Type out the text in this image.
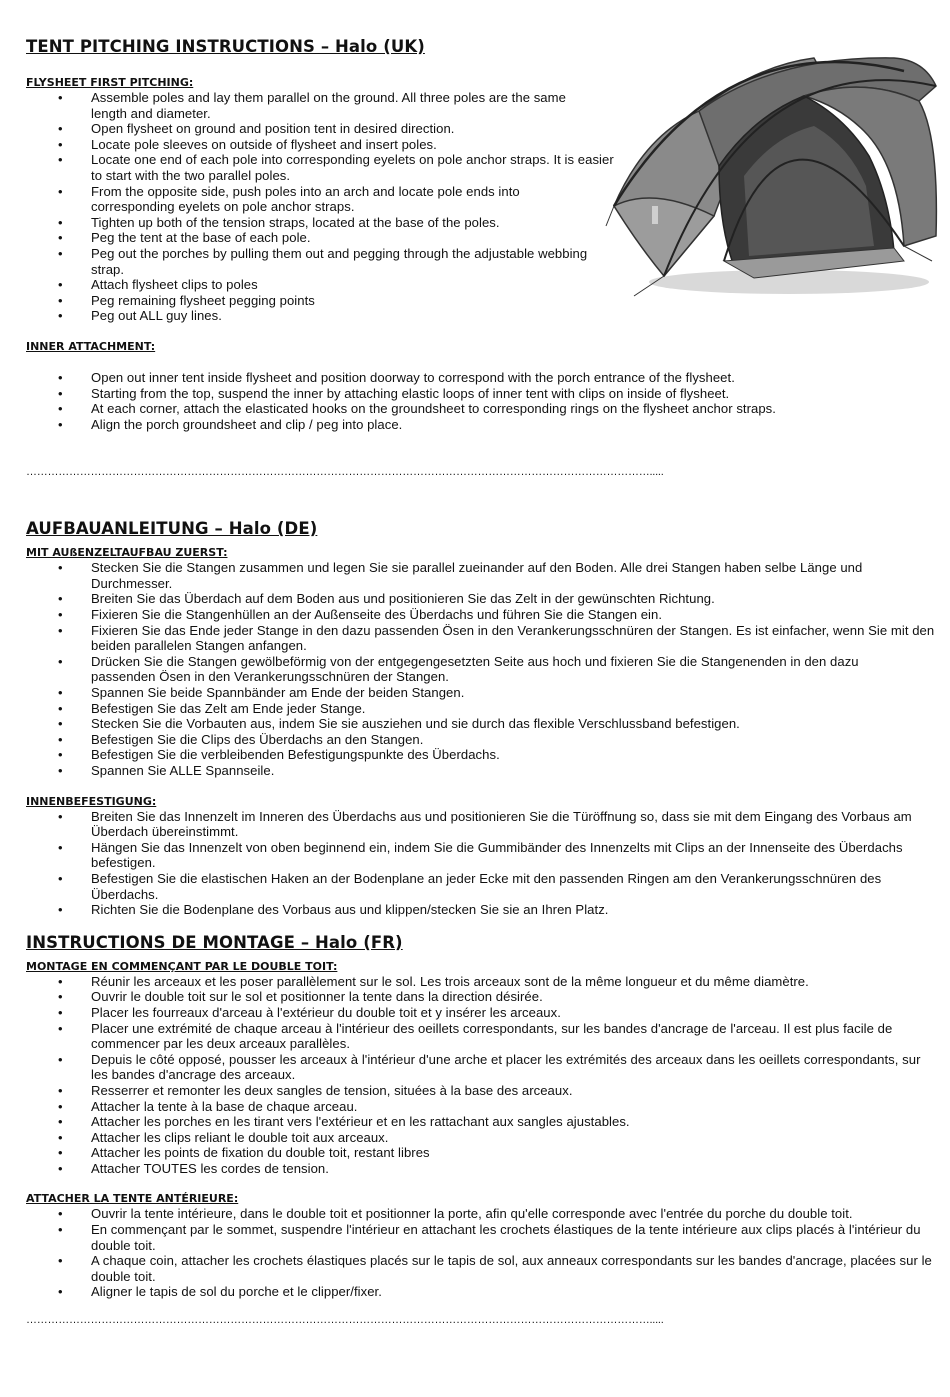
TENT PITCHING INSTRUCTIONS – Halo (UK)
FLYSHEET FIRST PITCHING:
• Assemble poles and lay them parallel on the ground. All three poles are the same length and diameter.
• Open flysheet on ground and position tent in desired direction.
• Locate pole sleeves on outside of flysheet and insert poles.
• Locate one end of each pole into corresponding eyelets on pole anchor straps. It is easier to start with the two parallel poles.
• From the opposite side, push poles into an arch and locate pole ends into corresponding eyelets on pole anchor straps.
• Tighten up both of the tension straps, located at the base of the poles.
• Peg the tent at the base of each pole.
• Peg out the porches by pulling them out and pegging through the adjustable webbing strap.
• Attach flysheet clips to poles
• Peg remaining flysheet pegging points
• Peg out ALL guy lines.
INNER ATTACHMENT:
• Open out inner tent inside flysheet and position doorway to correspond with the porch entrance of the flysheet.
• Starting from the top, suspend the inner by attaching elastic loops of inner tent with clips on inside of flysheet.
• At each corner, attach the elasticated hooks on the groundsheet to corresponding rings on the flysheet anchor straps.
• Align the porch groundsheet and clip / peg into place.
………………………………………………………………………………………………………………………………………………………….....
AUFBAUANLEITUNG – Halo (DE)
MIT AUßENZELTAUFBAU ZUERST:
• Stecken Sie die Stangen zusammen und legen Sie sie parallel zueinander auf den Boden. Alle drei Stangen haben selbe Länge und Durchmesser.
• Breiten Sie das Überdach auf dem Boden aus und positionieren Sie das Zelt in der gewünschten Richtung.
• Fixieren Sie die Stangenhüllen an der Außenseite des Überdachs und führen Sie die Stangen ein.
• Fixieren Sie das Ende jeder Stange in den dazu passenden Ösen in den Verankerungsschnüren der Stangen. Es ist einfacher, wenn Sie mit den beiden parallelen Stangen anfangen.
• Drücken Sie die Stangen gewölbeförmig von der entgegengesetzten Seite aus hoch und fixieren Sie die Stangenenden in den dazu passenden Ösen in den Verankerungsschnüren der Stangen.
• Spannen Sie beide Spannbänder am Ende der beiden Stangen.
• Befestigen Sie das Zelt am Ende jeder Stange.
• Stecken Sie die Vorbauten aus, indem Sie sie ausziehen und sie durch das flexible Verschlussband befestigen.
• Befestigen Sie die Clips des Überdachs an den Stangen.
• Befestigen Sie die verbleibenden Befestigungspunkte des Überdachs.
• Spannen Sie ALLE Spannseile.
INNENBEFESTIGUNG:
• Breiten Sie das Innenzelt im Inneren des Überdachs aus und positionieren Sie die Türöffnung so, dass sie mit dem Eingang des Vorbaus am Überdach übereinstimmt.
• Hängen Sie das Innenzelt von oben beginnend ein, indem Sie die Gummibänder des Innenzelts mit Clips an der Innenseite des Überdachs befestigen.
• Befestigen Sie die elastischen Haken an der Bodenplane an jeder Ecke mit den passenden Ringen am den Verankerungsschnüren des Überdachs.
• Richten Sie die Bodenplane des Vorbaus aus und klippen/stecken Sie sie an Ihren Platz.
INSTRUCTIONS DE MONTAGE – Halo (FR)
MONTAGE EN COMMENÇANT PAR LE DOUBLE TOIT:
• Réunir les arceaux et les poser parallèlement sur le sol. Les trois arceaux sont de la même longueur et du même diamètre.
• Ouvrir le double toit sur le sol et positionner la tente dans la direction désirée.
• Placer les fourreaux d'arceau à l'extérieur du double toit et y insérer les arceaux.
• Placer une extrémité de chaque arceau à l'intérieur des oeillets correspondants, sur les bandes d'ancrage de l'arceau. Il est plus facile de commencer par les deux arceaux parallèles.
• Depuis le côté opposé, pousser les arceaux à l'intérieur d'une arche et placer les extrémités des arceaux dans les oeillets correspondants, sur les bandes d'ancrage des arceaux.
• Resserrer et remonter les deux sangles de tension, situées à la base des arceaux.
• Attacher la tente à la base de chaque arceau.
• Attacher les porches en les tirant vers l'extérieur et en les rattachant aux sangles ajustables.
• Attacher les clips reliant le double toit aux arceaux.
• Attacher les points de fixation du double toit, restant libres
• Attacher TOUTES les cordes de tension.
ATTACHER LA TENTE ANTÉRIEURE:
• Ouvrir la tente intérieure, dans le double toit et positionner la porte, afin qu'elle corresponde avec l'entrée du porche du double toit.
• En commençant par le sommet, suspendre l'intérieur en attachant les crochets élastiques de la tente intérieure aux clips placés à l'intérieur du double toit.
• A chaque coin, attacher les crochets élastiques placés sur le tapis de sol, aux anneaux correspondants sur les bandes d'ancrage, placées sur le double toit.
• Aligner le tapis de sol du porche et le clipper/fixer.
………………………………………………………………………………………………………………………………………………………….....
